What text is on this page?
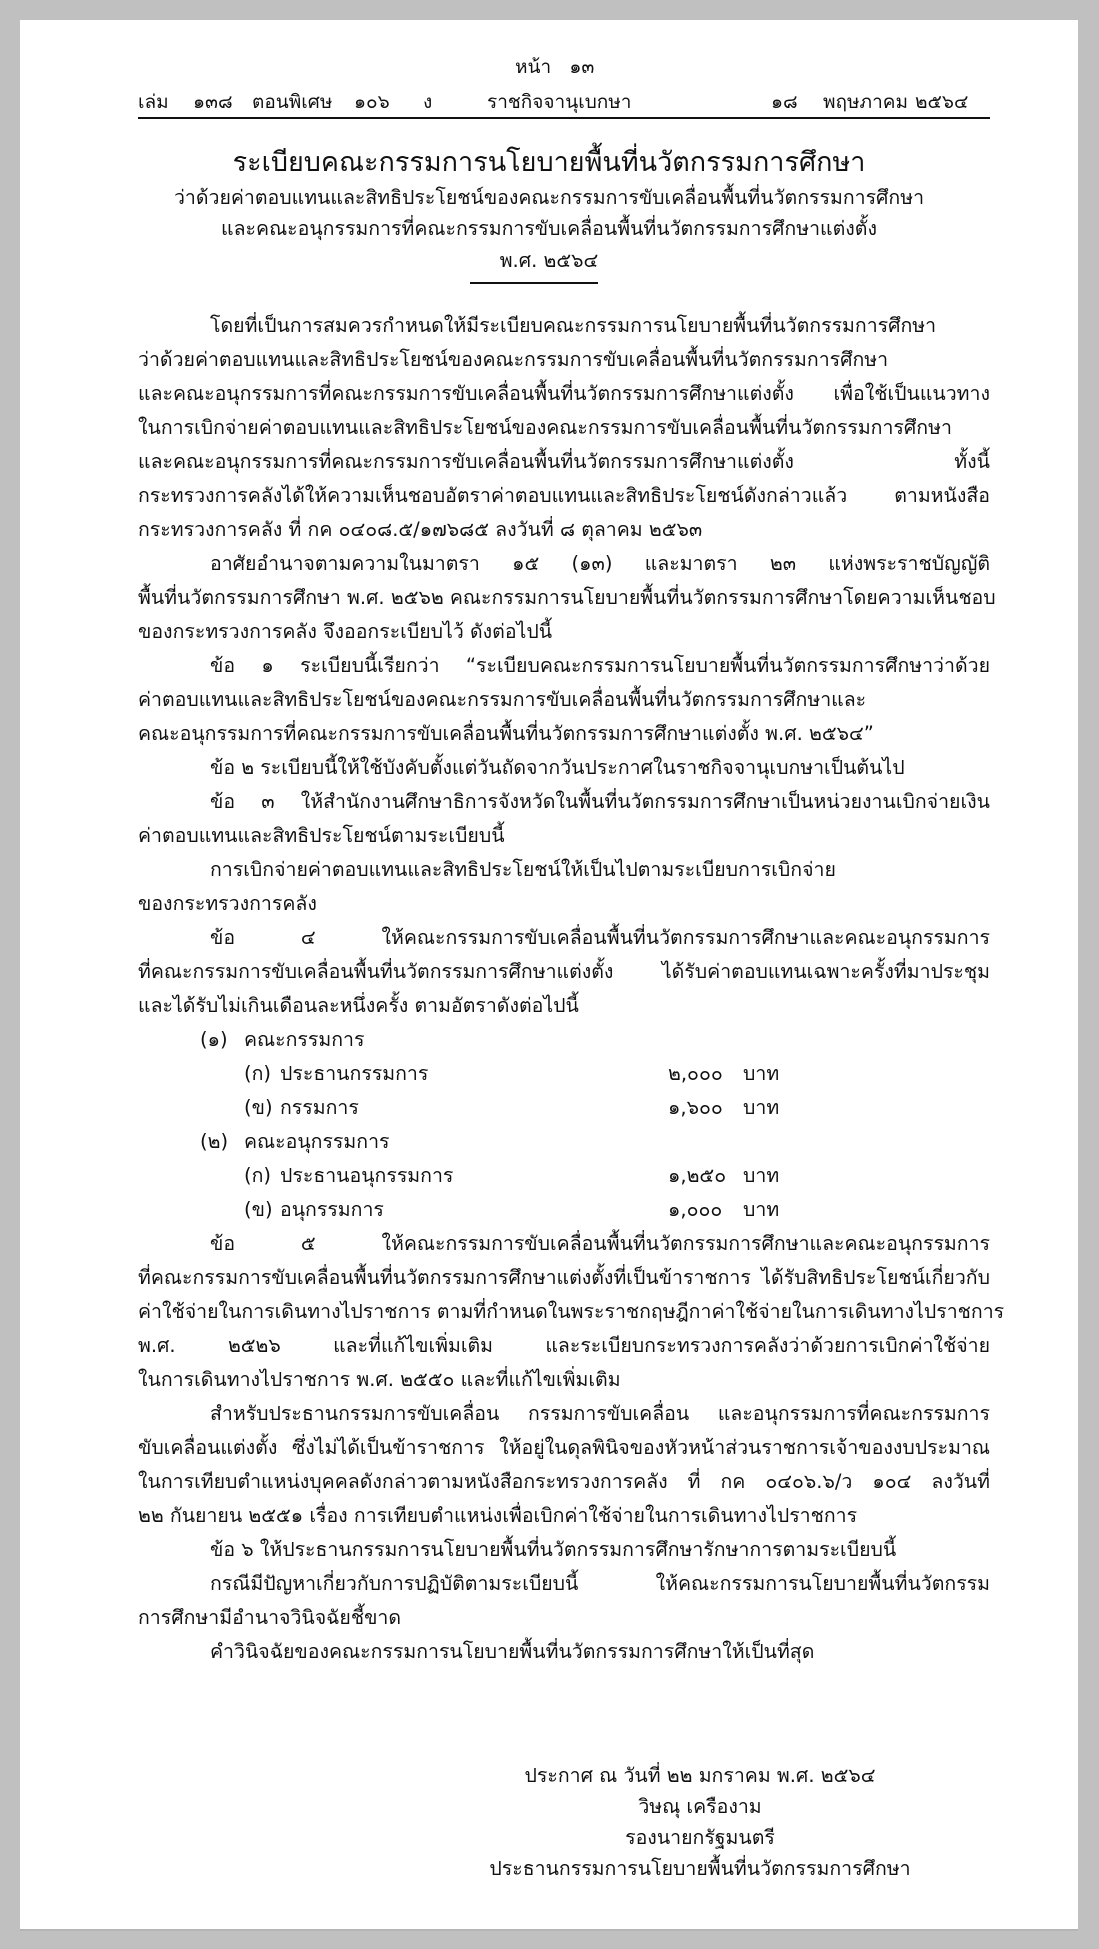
หน้า ๑๓
เล่ม ๑๓๘ ตอนพิเศษ ๑๐๖ ง	ราชกิจจานุเบกษา	๑๘ พฤษภาคม ๒๕๖๔
ระเบียบคณะกรรมการนโยบายพื้นที่นวัตกรรมการศึกษา
ว่าด้วยค่าตอบแทนและสิทธิประโยชน์ของคณะกรรมการขับเคลื่อนพื้นที่นวัตกรรมการศึกษา
และคณะอนุกรรมการที่คณะกรรมการขับเคลื่อนพื้นที่นวัตกรรมการศึกษาแต่งตั้ง
พ.ศ. ๒๕๖๔
โดยที่เป็นการสมควรกำหนดให้มีระเบียบคณะกรรมการนโยบายพื้นที่นวัตกรรมการศึกษา
ว่าด้วยค่าตอบแทนและสิทธิประโยชน์ของคณะกรรมการขับเคลื่อนพื้นที่นวัตกรรมการศึกษา
และคณะอนุกรรมการที่คณะกรรมการขับเคลื่อนพื้นที่นวัตกรรมการศึกษาแต่งตั้ง เพื่อใช้เป็นแนวทาง
ในการเบิกจ่ายค่าตอบแทนและสิทธิประโยชน์ของคณะกรรมการขับเคลื่อนพื้นที่นวัตกรรมการศึกษา
และคณะอนุกรรมการที่คณะกรรมการขับเคลื่อนพื้นที่นวัตกรรมการศึกษาแต่งตั้ง ทั้งนี้
กระทรวงการคลังได้ให้ความเห็นชอบอัตราค่าตอบแทนและสิทธิประโยชน์ดังกล่าวแล้ว ตามหนังสือ
กระทรวงการคลัง ที่ กค ๐๔๐๘.๕/๑๗๖๘๕ ลงวันที่ ๘ ตุลาคม ๒๕๖๓
อาศัยอำนาจตามความในมาตรา ๑๕ (๑๓) และมาตรา ๒๓ แห่งพระราชบัญญัติ
พื้นที่นวัตกรรมการศึกษา พ.ศ. ๒๕๖๒ คณะกรรมการนโยบายพื้นที่นวัตกรรมการศึกษาโดยความเห็นชอบ
ของกระทรวงการคลัง จึงออกระเบียบไว้ ดังต่อไปนี้
ข้อ ๑ ระเบียบนี้เรียกว่า “ระเบียบคณะกรรมการนโยบายพื้นที่นวัตกรรมการศึกษาว่าด้วย
ค่าตอบแทนและสิทธิประโยชน์ของคณะกรรมการขับเคลื่อนพื้นที่นวัตกรรมการศึกษาและ
คณะอนุกรรมการที่คณะกรรมการขับเคลื่อนพื้นที่นวัตกรรมการศึกษาแต่งตั้ง พ.ศ. ๒๕๖๔”
ข้อ ๒ ระเบียบนี้ให้ใช้บังคับตั้งแต่วันถัดจากวันประกาศในราชกิจจานุเบกษาเป็นต้นไป
ข้อ ๓ ให้สำนักงานศึกษาธิการจังหวัดในพื้นที่นวัตกรรมการศึกษาเป็นหน่วยงานเบิกจ่ายเงิน
ค่าตอบแทนและสิทธิประโยชน์ตามระเบียบนี้
การเบิกจ่ายค่าตอบแทนและสิทธิประโยชน์ให้เป็นไปตามระเบียบการเบิกจ่าย
ของกระทรวงการคลัง
ข้อ ๔ ให้คณะกรรมการขับเคลื่อนพื้นที่นวัตกรรมการศึกษาและคณะอนุกรรมการ
ที่คณะกรรมการขับเคลื่อนพื้นที่นวัตกรรมการศึกษาแต่งตั้ง ได้รับค่าตอบแทนเฉพาะครั้งที่มาประชุม
และได้รับไม่เกินเดือนละหนึ่งครั้ง ตามอัตราดังต่อไปนี้
(๑) คณะกรรมการ
(ก) ประธานกรรมการ	๒,๐๐๐ บาท
(ข) กรรมการ	๑,๖๐๐ บาท
(๒) คณะอนุกรรมการ
(ก) ประธานอนุกรรมการ	๑,๒๕๐ บาท
(ข) อนุกรรมการ	๑,๐๐๐ บาท
ข้อ ๕ ให้คณะกรรมการขับเคลื่อนพื้นที่นวัตกรรมการศึกษาและคณะอนุกรรมการ
ที่คณะกรรมการขับเคลื่อนพื้นที่นวัตกรรมการศึกษาแต่งตั้งที่เป็นข้าราชการ ได้รับสิทธิประโยชน์เกี่ยวกับ
ค่าใช้จ่ายในการเดินทางไปราชการ ตามที่กำหนดในพระราชกฤษฎีกาค่าใช้จ่ายในการเดินทางไปราชการ
พ.ศ. ๒๕๒๖ และที่แก้ไขเพิ่มเติม และระเบียบกระทรวงการคลังว่าด้วยการเบิกค่าใช้จ่าย
ในการเดินทางไปราชการ พ.ศ. ๒๕๕๐ และที่แก้ไขเพิ่มเติม
สำหรับประธานกรรมการขับเคลื่อน กรรมการขับเคลื่อน และอนุกรรมการที่คณะกรรมการ
ขับเคลื่อนแต่งตั้ง ซึ่งไม่ได้เป็นข้าราชการ ให้อยู่ในดุลพินิจของหัวหน้าส่วนราชการเจ้าของงบประมาณ
ในการเทียบตำแหน่งบุคคลดังกล่าวตามหนังสือกระทรวงการคลัง ที่ กค ๐๔๐๖.๖/ว ๑๐๔ ลงวันที่
๒๒ กันยายน ๒๕๕๑ เรื่อง การเทียบตำแหน่งเพื่อเบิกค่าใช้จ่ายในการเดินทางไปราชการ
ข้อ ๖ ให้ประธานกรรมการนโยบายพื้นที่นวัตกรรมการศึกษารักษาการตามระเบียบนี้
กรณีมีปัญหาเกี่ยวกับการปฏิบัติตามระเบียบนี้ ให้คณะกรรมการนโยบายพื้นที่นวัตกรรม
การศึกษามีอำนาจวินิจฉัยชี้ขาด
คำวินิจฉัยของคณะกรรมการนโยบายพื้นที่นวัตกรรมการศึกษาให้เป็นที่สุด
ประกาศ ณ วันที่ ๒๒ มกราคม พ.ศ. ๒๕๖๔
วิษณุ เครืองาม
รองนายกรัฐมนตรี
ประธานกรรมการนโยบายพื้นที่นวัตกรรมการศึกษา
